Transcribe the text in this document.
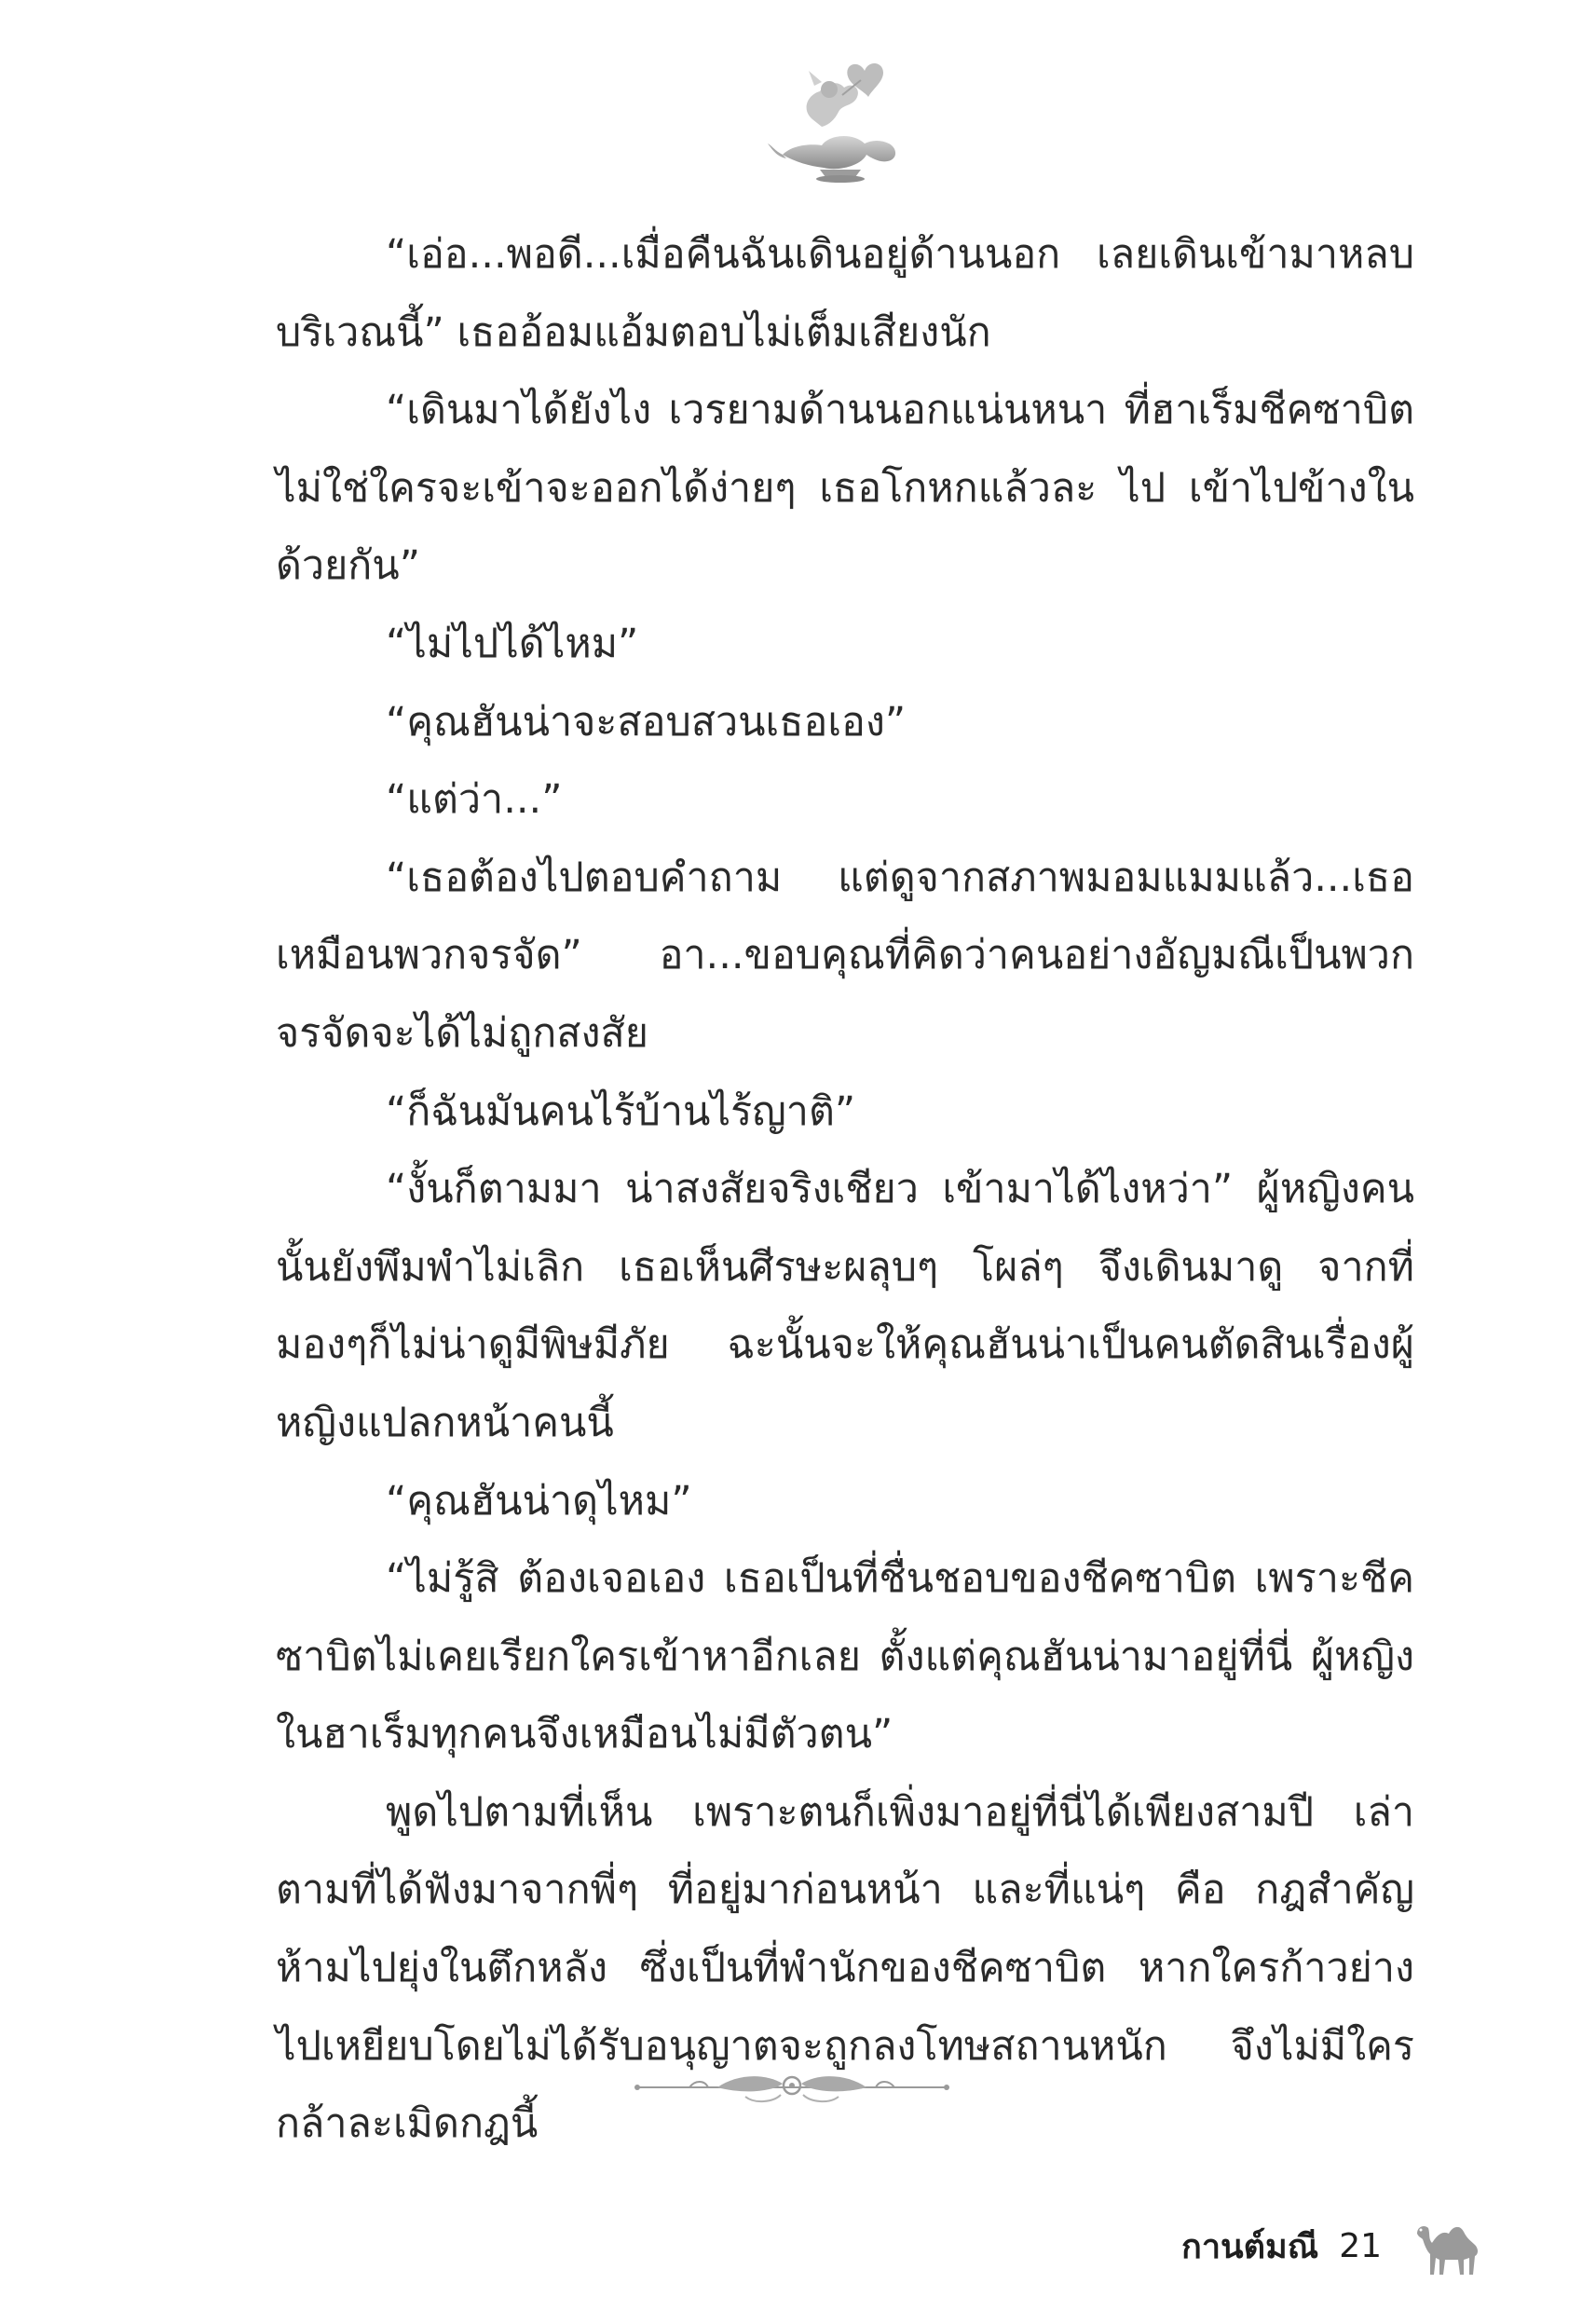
“เอ่อ...พอดี...เมื่อคืนฉันเดินอยู่ด้านนอก เลยเดินเข้ามาหลบบริเวณนี้” เธออ้อมแอ้มตอบไม่เต็มเสียงนัก

“เดินมาได้ยังไง เวรยามด้านนอกแน่นหนา ที่ฮาเร็มชีคซาบิตไม่ใช่ใครจะเข้าจะออกได้ง่ายๆ เธอโกหกแล้วละ ไป เข้าไปข้างในด้วยกัน”

“ไม่ไปได้ไหม”

“คุณฮันน่าจะสอบสวนเธอเอง”

“แต่ว่า...”

“เธอต้องไปตอบคำถาม แต่ดูจากสภาพมอมแมมแล้ว...เธอเหมือนพวกจรจัด” อา...ขอบคุณที่คิดว่าคนอย่างอัญมณีเป็นพวกจรจัดจะได้ไม่ถูกสงสัย

“ก็ฉันมันคนไร้บ้านไร้ญาติ”

“งั้นก็ตามมา น่าสงสัยจริงเชียว เข้ามาได้ไงหว่า” ผู้หญิงคนนั้นยังพึมพำไม่เลิก เธอเห็นศีรษะผลุบๆ โผล่ๆ จึงเดินมาดู จากที่มองๆก็ไม่น่าดูมีพิษมีภัย ฉะนั้นจะให้คุณฮันน่าเป็นคนตัดสินเรื่องผู้หญิงแปลกหน้าคนนี้

“คุณฮันน่าดุไหม”

“ไม่รู้สิ ต้องเจอเอง เธอเป็นที่ชื่นชอบของชีคซาบิต เพราะชีคซาบิตไม่เคยเรียกใครเข้าหาอีกเลย ตั้งแต่คุณฮันน่ามาอยู่ที่นี่ ผู้หญิงในฮาเร็มทุกคนจึงเหมือนไม่มีตัวตน”

พูดไปตามที่เห็น เพราะตนก็เพิ่งมาอยู่ที่นี่ได้เพียงสามปี เล่าตามที่ได้ฟังมาจากพี่ๆ ที่อยู่มาก่อนหน้า และที่แน่ๆ คือ กฎสำคัญห้ามไปยุ่งในตึกหลัง ซึ่งเป็นที่พำนักของชีคซาบิต หากใครก้าวย่างไปเหยียบโดยไม่ได้รับอนุญาตจะถูกลงโทษสถานหนัก จึงไม่มีใครกล้าละเมิดกฎนี้

กานต์มณี 21
